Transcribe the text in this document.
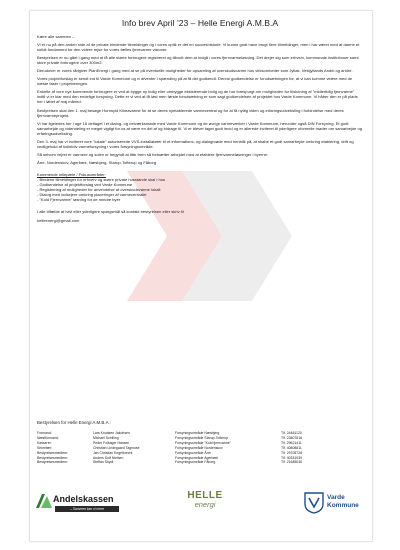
Info brev April ’23 – Helle Energi A.M.B.A

Kære alle sammen –

Vi er nu på den anden side af de private bindende tilmeldinger og i vores optik er det en succeshistorie. Vi kunne godt have brugt flere tilmeldinger, men i har været med at danne et solidt fundament for den videre rejse for vores fælles fjernvarme visioner.

Bestyrelsen er nu gået i gang med at få alle større forbrugere registreret og tilbudt dem at indgå i vores fjernvarmeløsning. Det drejer sig som erhverv, kommunale institutioner samt store private forbrugere over 300m2.

Derudover er vores rådgiver PlanEnergi i gang med at se på eventuelle muligheder for opsamling af overskudsvarme hos virksomheder som Jyllak, Vestjyllands Andel og andre.

Vores projektforslag er sendt ind til Varde Kommune og vi afventer i spænding på at få det godkendt. Denne godkendelse er forudsætningen for, at vi kan komme videre med de næste faser i projekteringen.

Enkelte af vore nye kommende forbrugere er ved at bygge ny bolig eller ombygge eksisterende bolig og de har forespurgt om muligheden for tilslutning af "midlertidig fjernvarme" indtil vi er klar med den endelige forsyning. Dette er vi ved at få løst men første forudsætning er som sagt godkendelsen af projektet hos Varde Kommune. Vi håber den er på plads her i løbet af maj måned.

Bestyrelsen skal den 1. maj besøge Hornsyld Klimavarme for at se deres nyetablerede varmecentral og for at få nyttig viden og erfaringsudveksling i forbindelse med deres fjernvarmeprojekt.

Vi har ligeledes her i uge 16 deltaget i et dialog- og netværksmøde med Varde Kommune og de øvrige varmeværker i Varde Kommune, herunder også DIN Forsyning. Et godt samarbejde og videndeling er meget vigtigt for os at være en del af og bidrage til. Vi er blevet taget godt imod og er allerede inviteret til yderligere uformelle møder om samarbejde og erfaringsudveksling.

Den 3. maj har vi inviteret vore "lokale" autoriserede VVS-installatører til et informations- og dialogmøde med henblik på, at skabe et godt samarbejde omkring etablering, drift og vedligehold af kollektiv varmeforsyning i vores forsyningsområde.

Så selvom vejret er varmere og solen er begyndt at titte frem så fortsætter arbejdet med at etablere fjernvarmeløsninger i byerne:

Årre, Nordenskov, Agerbæk, Næsbjerg, Starup-Tofterup og Fåborg

Kommende milepæle / Fokusområder:

- Bindene tilmeldinger for erhverv og større private husstande skal i hus
- Godkendelse af projektforslag ved Varde Kommune
- Registrering af muligheder for anvendelse af overskudsvarme lokalt
- Dialog med lodsejere omkring placeringer af varmecentraler
- "Kold Fjernvarme" løsning for de mindre byer

I alle tilfælde af tvivl eller yderligere spørgsmål så kontakt bestyrelsen eller skriv til

helleenergi@gmail.com

Bestyrelsen for Helle Energi A.M.B.A :

Formand:	Lars Knudsen Jakobsen	Forsyningsområde Næsbjerg	Tlf. 24481120
Næstformand:	Michael Schilling	Forsyningsområde Starup-Tofterup	Tlf. 23807616
Kasserer:	Peder Folkager Hansen	Forsyningsområde "Kold fjernvarme"	Tlf. 29621411
Sekretær:	Christian Lindegaard Tagmose	Forsyningsområde Nordenskov	Tlf. 40808811
Bestyrelsesmedlem:	Jan Christian Engelbrecht	Forsyningsområde Årre	Tlf. 29705728
Bestyrelsesmedlem:	Anders Dolf Nielsen	Forsyningsområde Agerbæk	Tlf. 40331939
Bestyrelsesmedlem:	Steffan Skydt	Forsyningsområde Fåborg	Tlf. 21685046
Andelskassen
– Sammen kan vi mere
HELLE
energi
Varde
Kommune
